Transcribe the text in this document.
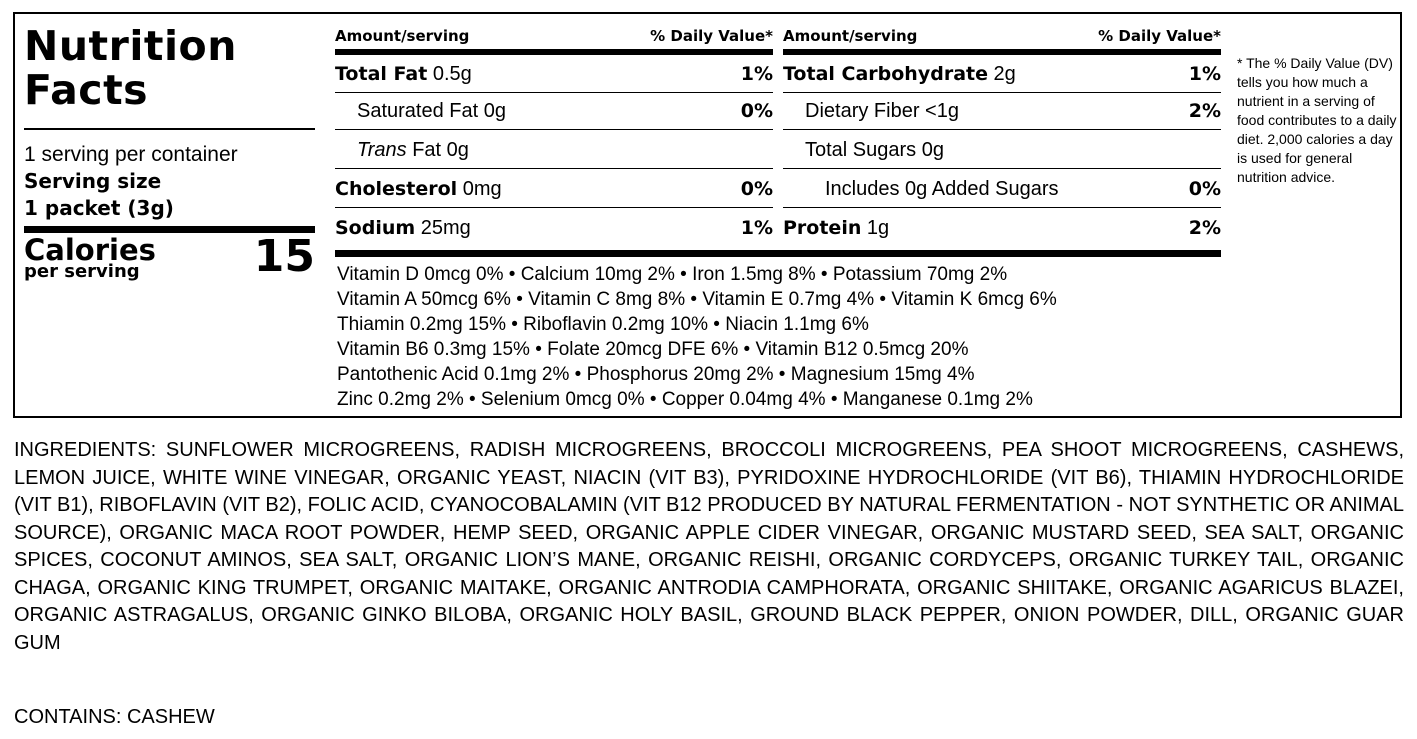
Nutrition
Facts
1 serving per container
Serving size
1 packet (3g)
Calories
per serving	15
Amount/serving	% Daily Value*
Total Fat 0.5g	1%
Saturated Fat 0g	0%
Trans Fat 0g
Cholesterol 0mg	0%
Sodium 25mg	1%
Amount/serving	% Daily Value*
Total Carbohydrate 2g	1%
Dietary Fiber <1g	2%
Total Sugars 0g
Includes 0g Added Sugars	0%
Protein 1g	2%
Vitamin D 0mcg 0% • Calcium 10mg 2% • Iron 1.5mg 8% • Potassium 70mg 2%
Vitamin A 50mcg 6% • Vitamin C 8mg 8% • Vitamin E 0.7mg 4% • Vitamin K 6mcg 6%
Thiamin 0.2mg 15% • Riboflavin 0.2mg 10% • Niacin 1.1mg 6%
Vitamin B6 0.3mg 15% • Folate 20mcg DFE 6% • Vitamin B12 0.5mcg 20%
Pantothenic Acid 0.1mg 2% • Phosphorus 20mg 2% • Magnesium 15mg 4%
Zinc 0.2mg 2% • Selenium 0mcg 0% • Copper 0.04mg 4% • Manganese 0.1mg 2%
* The % Daily Value (DV) tells you how much a nutrient in a serving of food contributes to a daily diet. 2,000 calories a day is used for general nutrition advice.
INGREDIENTS: SUNFLOWER MICROGREENS, RADISH MICROGREENS, BROCCOLI MICROGREENS, PEA SHOOT MICROGREENS, CASHEWS, LEMON JUICE, WHITE WINE VINEGAR, ORGANIC YEAST, NIACIN (VIT B3), PYRIDOXINE HYDROCHLORIDE (VIT B6), THIAMIN HYDROCHLORIDE (VIT B1), RIBOFLAVIN (VIT B2), FOLIC ACID, CYANOCOBALAMIN (VIT B12 PRODUCED BY NATURAL FERMENTATION - NOT SYNTHETIC OR ANIMAL SOURCE), ORGANIC MACA ROOT POWDER, HEMP SEED, ORGANIC APPLE CIDER VINEGAR, ORGANIC MUSTARD SEED, SEA SALT, ORGANIC SPICES, COCONUT AMINOS, SEA SALT, ORGANIC LION’S MANE, ORGANIC REISHI, ORGANIC CORDYCEPS, ORGANIC TURKEY TAIL, ORGANIC CHAGA, ORGANIC KING TRUMPET, ORGANIC MAITAKE, ORGANIC ANTRODIA CAMPHORATA, ORGANIC SHIITAKE, ORGANIC AGARICUS BLAZEI, ORGANIC ASTRAGALUS, ORGANIC GINKO BILOBA, ORGANIC HOLY BASIL, GROUND BLACK PEPPER, ONION POWDER, DILL, ORGANIC GUAR GUM
CONTAINS: CASHEW
